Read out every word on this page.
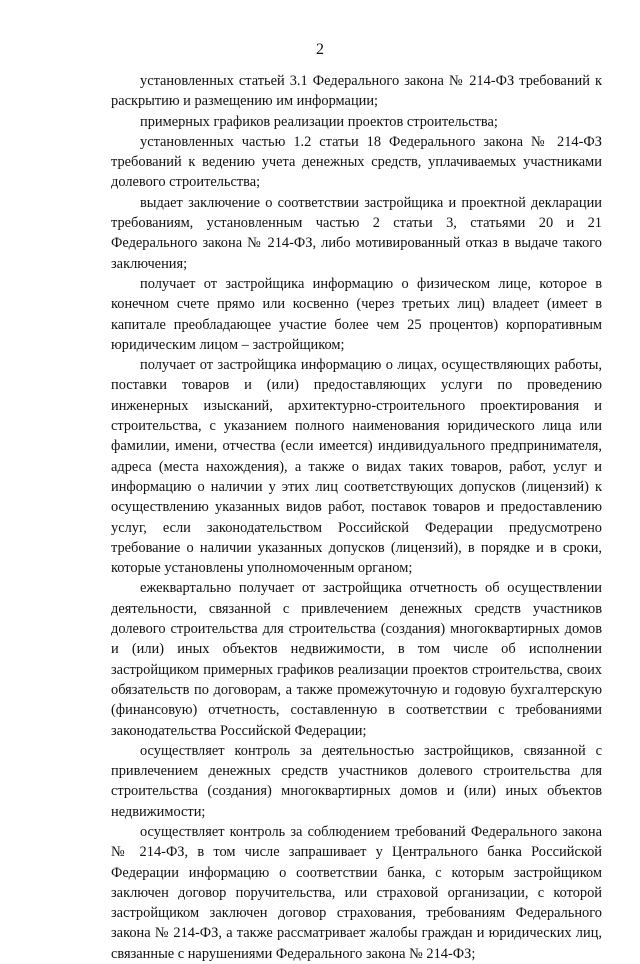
2

установленных статьей 3.1 Федерального закона № 214-ФЗ требований к раскрытию и размещению им информации;

примерных графиков реализации проектов строительства;

установленных частью 1.2 статьи 18 Федерального закона № 214-ФЗ требований к ведению учета денежных средств, уплачиваемых участниками долевого строительства;

выдает заключение о соответствии застройщика и проектной декларации требованиям, установленным частью 2 статьи 3, статьями 20 и 21 Федерального закона № 214-ФЗ, либо мотивированный отказ в выдаче такого заключения;

получает от застройщика информацию о физическом лице, которое в конечном счете прямо или косвенно (через третьих лиц) владеет (имеет в капитале преобладающее участие более чем 25 процентов) корпоративным юридическим лицом – застройщиком;

получает от застройщика информацию о лицах, осуществляющих работы, поставки товаров и (или) предоставляющих услуги по проведению инженерных изысканий, архитектурно-строительного проектирования и строительства, с указанием полного наименования юридического лица или фамилии, имени, отчества (если имеется) индивидуального предпринимателя, адреса (места нахождения), а также о видах таких товаров, работ, услуг и информацию о наличии у этих лиц соответствующих допусков (лицензий) к осуществлению указанных видов работ, поставок товаров и предоставлению услуг, если законодательством Российской Федерации предусмотрено требование о наличии указанных допусков (лицензий), в порядке и в сроки, которые установлены уполномоченным органом;

ежеквартально получает от застройщика отчетность об осуществлении деятельности, связанной с привлечением денежных средств участников долевого строительства для строительства (создания) многоквартирных домов и (или) иных объектов недвижимости, в том числе об исполнении застройщиком примерных графиков реализации проектов строительства, своих обязательств по договорам, а также промежуточную и годовую бухгалтерскую (финансовую) отчетность, составленную в соответствии с требованиями законодательства Российской Федерации;

осуществляет контроль за деятельностью застройщиков, связанной с привлечением денежных средств участников долевого строительства для строительства (создания) многоквартирных домов и (или) иных объектов недвижимости;

осуществляет контроль за соблюдением требований Федерального закона № 214-ФЗ, в том числе запрашивает у Центрального банка Российской Федерации информацию о соответствии банка, с которым застройщиком заключен договор поручительства, или страховой организации, с которой застройщиком заключен договор страхования, требованиям Федерального закона № 214-ФЗ, а также рассматривает жалобы граждан и юридических лиц, связанные с нарушениями Федерального закона № 214-ФЗ;
